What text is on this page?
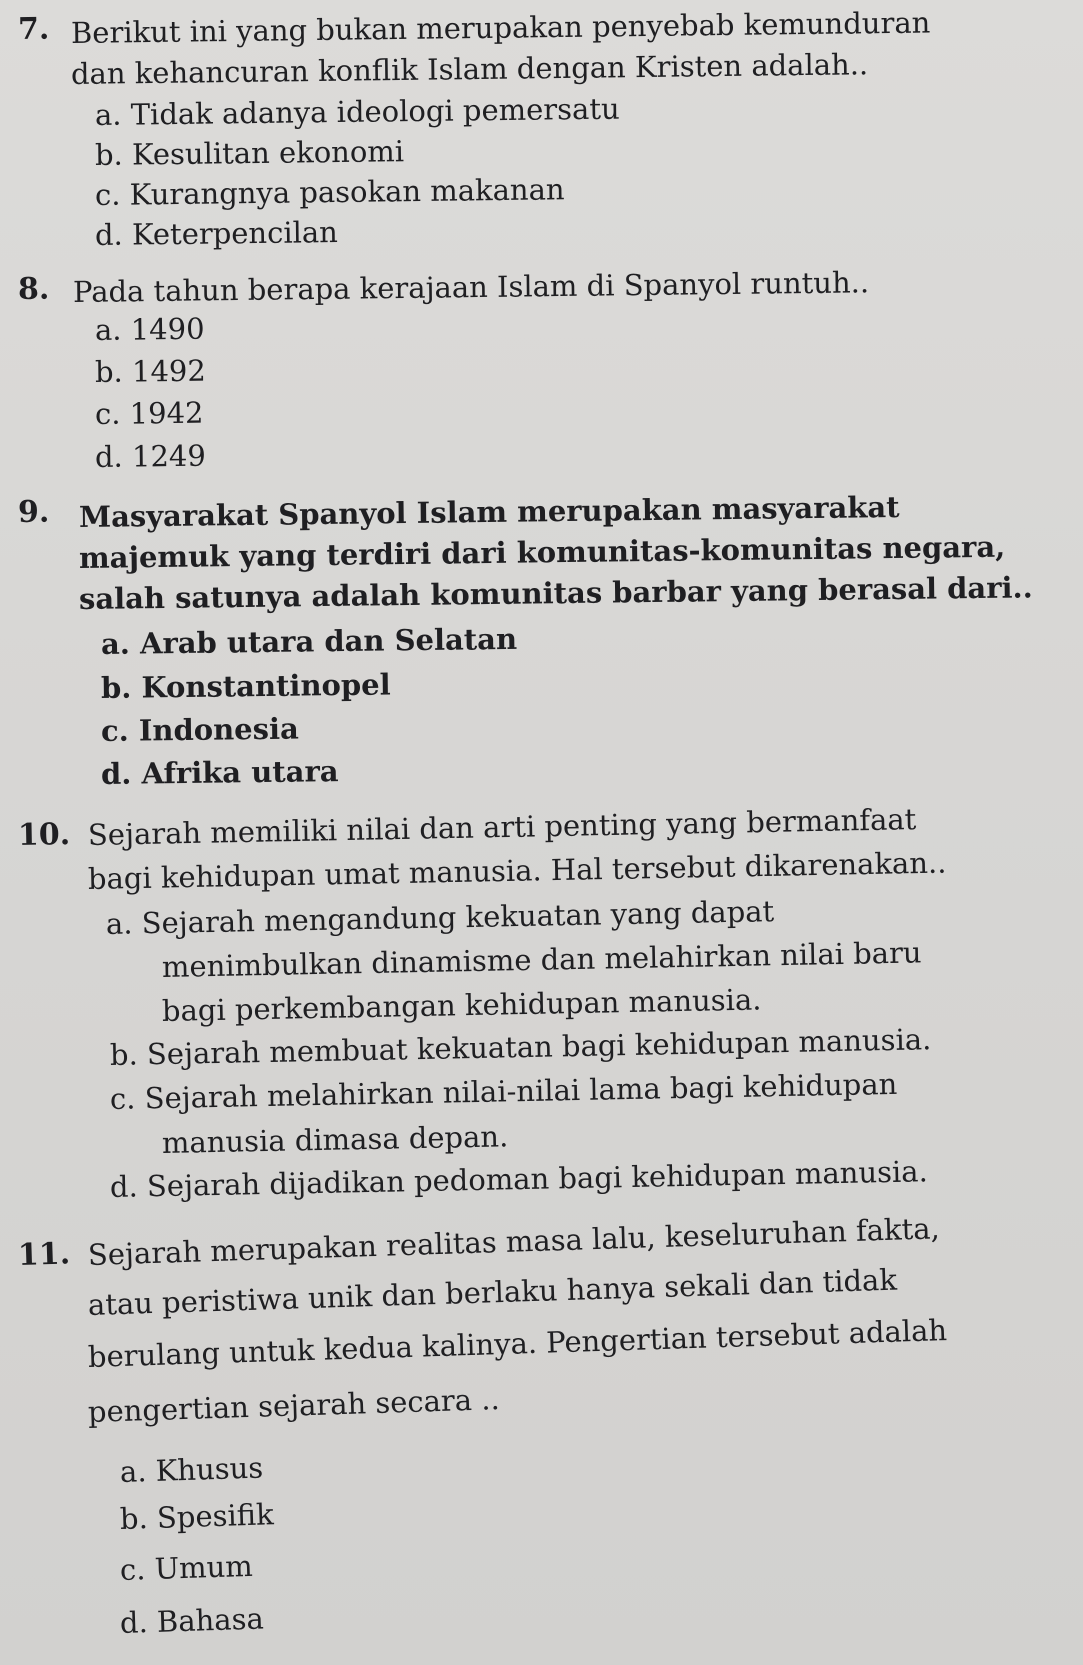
7. Berikut ini yang bukan merupakan penyebab kemunduran
dan kehancuran konflik Islam dengan Kristen adalah..
a. Tidak adanya ideologi pemersatu
b. Kesulitan ekonomi
c. Kurangnya pasokan makanan
d. Keterpencilan
8. Pada tahun berapa kerajaan Islam di Spanyol runtuh..
a. 1490
b. 1492
c. 1942
d. 1249
9. Masyarakat Spanyol Islam merupakan masyarakat
majemuk yang terdiri dari komunitas-komunitas negara,
salah satunya adalah komunitas barbar yang berasal dari..
a. Arab utara dan Selatan
b. Konstantinopel
c. Indonesia
d. Afrika utara
10. Sejarah memiliki nilai dan arti penting yang bermanfaat
bagi kehidupan umat manusia. Hal tersebut dikarenakan..
a. Sejarah mengandung kekuatan yang dapat
menimbulkan dinamisme dan melahirkan nilai baru
bagi perkembangan kehidupan manusia.
b. Sejarah membuat kekuatan bagi kehidupan manusia.
c. Sejarah melahirkan nilai-nilai lama bagi kehidupan
manusia dimasa depan.
d. Sejarah dijadikan pedoman bagi kehidupan manusia.
11. Sejarah merupakan realitas masa lalu, keseluruhan fakta,
atau peristiwa unik dan berlaku hanya sekali dan tidak
berulang untuk kedua kalinya. Pengertian tersebut adalah
pengertian sejarah secara ..
a. Khusus
b. Spesifik
c. Umum
d. Bahasa
